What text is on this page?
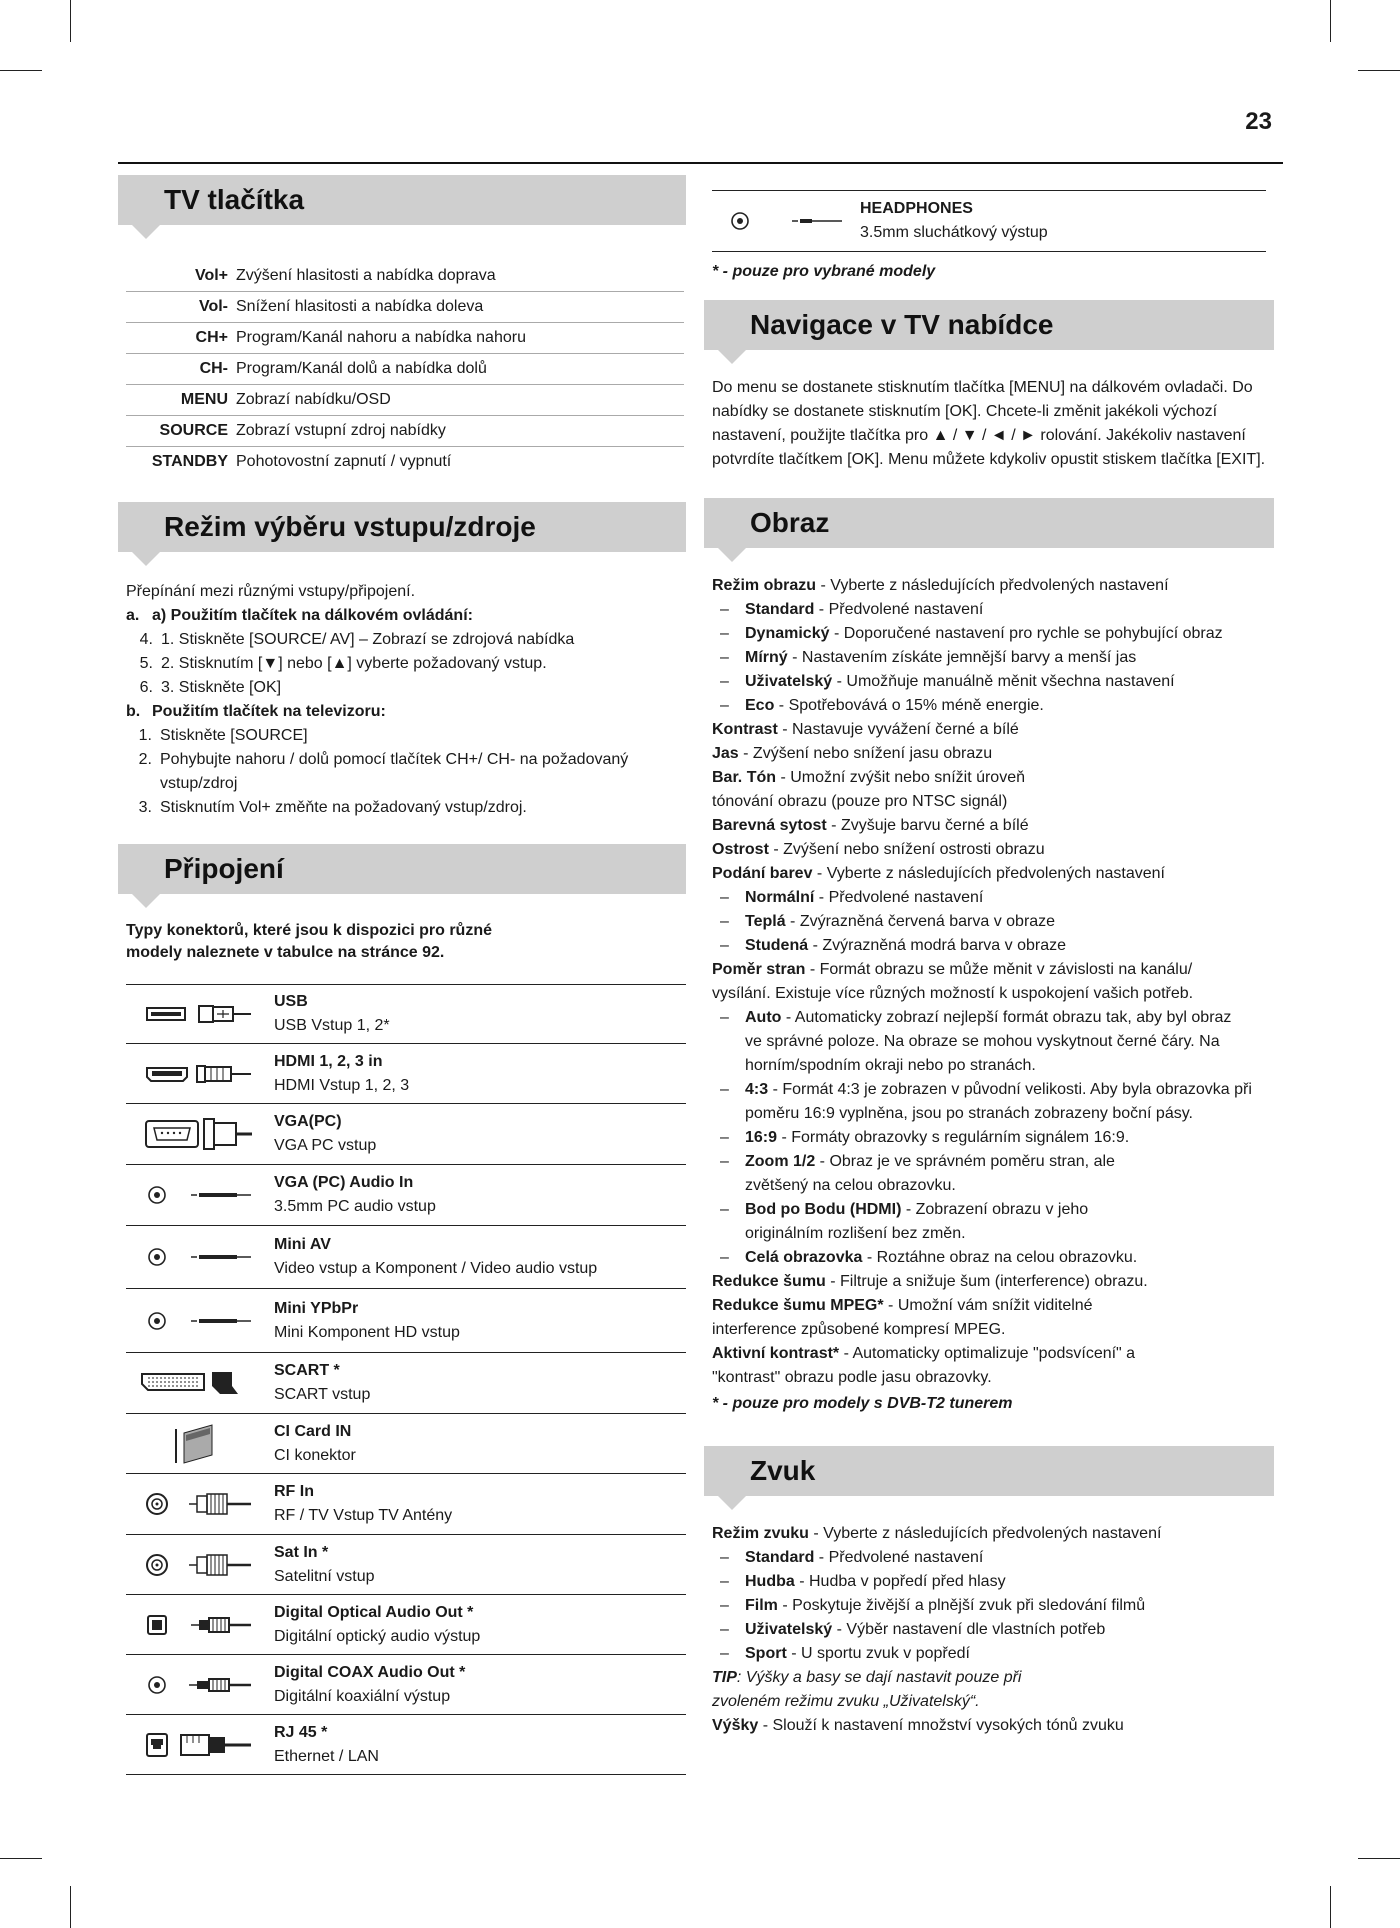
23
TV tlačítka
Vol+ Zvýšení hlasitosti a nabídka doprava
Vol- Snížení hlasitosti a nabídka doleva
CH+ Program/Kanál nahoru a nabídka nahoru
CH- Program/Kanál dolů a nabídka dolů
MENU Zobrazí nabídku/OSD
SOURCE Zobrazí vstupní zdroj nabídky
STANDBY Pohotovostní zapnutí / vypnutí
Režim výběru vstupu/zdroje
Přepínání mezi různými vstupy/připojení.
a. a) Použitím tlačítek na dálkovém ovládání:
4. 1. Stiskněte [SOURCE/ AV] – Zobrazí se zdrojová nabídka
5. 2. Stisknutím [▼] nebo [▲] vyberte požadovaný vstup.
6. 3. Stiskněte [OK]
b. Použitím tlačítek na televizoru:
1. Stiskněte [SOURCE]
2. Pohybujte nahoru / dolů pomocí tlačítek CH+/ CH- na požadovaný vstup/zdroj
3. Stisknutím Vol+ změňte na požadovaný vstup/zdroj.
Připojení
Typy konektorů, které jsou k dispozici pro různé modely naleznete v tabulce na stránce 92.
USB
USB Vstup 1, 2*
HDMI 1, 2, 3 in
HDMI Vstup 1, 2, 3
VGA(PC)
VGA PC vstup
VGA (PC) Audio In
3.5mm PC audio vstup
Mini AV
Video vstup a Komponent / Video audio vstup
Mini YPbPr
Mini Komponent HD vstup
SCART *
SCART vstup
CI Card IN
CI konektor
RF In
RF / TV Vstup TV Antény
Sat In *
Satelitní vstup
Digital Optical Audio Out *
Digitální optický audio výstup
Digital COAX Audio Out *
Digitální koaxiální výstup
RJ 45 *
Ethernet / LAN
HEADPHONES
3.5mm sluchátkový výstup
* - pouze pro vybrané modely
Navigace v TV nabídce
Do menu se dostanete stisknutím tlačítka [MENU] na dálkovém ovladači. Do nabídky se dostanete stisknutím [OK]. Chcete-li změnit jakékoli výchozí nastavení, použijte tlačítka pro ▲ / ▼ / ◄ / ► rolování. Jakékoliv nastavení potvrdíte tlačítkem [OK]. Menu můžete kdykoliv opustit stiskem tlačítka [EXIT].
Obraz
Režim obrazu - Vyberte z následujících předvolených nastavení
–	Standard - Předvolené nastavení
–	Dynamický - Doporučené nastavení pro rychle se pohybující obraz
–	Mírný - Nastavením získáte jemnější barvy a menší jas
–	Uživatelský - Umožňuje manuálně měnit všechna nastavení
–	Eco - Spotřebovává o 15% méně energie.
Kontrast - Nastavuje vyvážení černé a bílé
Jas - Zvýšení nebo snížení jasu obrazu
Bar. Tón - Umožní zvýšit nebo snížit úroveň tónování obrazu (pouze pro NTSC signál)
Barevná sytost - Zvyšuje barvu černé a bílé
Ostrost - Zvýšení nebo snížení ostrosti obrazu
Podání barev - Vyberte z následujících předvolených nastavení
–	Normální - Předvolené nastavení
–	Teplá - Zvýrazněná červená barva v obraze
–	Studená - Zvýrazněná modrá barva v obraze
Poměr stran - Formát obrazu se může měnit v závislosti na kanálu/ vysílání. Existuje více různých možností k uspokojení vašich potřeb.
–	Auto - Automaticky zobrazí nejlepší formát obrazu tak, aby byl obraz ve správné poloze. Na obraze se mohou vyskytnout černé čáry. Na horním/spodním okraji nebo po stranách.
–	4:3 - Formát 4:3 je zobrazen v původní velikosti. Aby byla obrazovka při poměru 16:9 vyplněna, jsou po stranách zobrazeny boční pásy.
–	16:9 - Formáty obrazovky s regulárním signálem 16:9.
–	Zoom 1/2 - Obraz je ve správném poměru stran, ale zvětšený na celou obrazovku.
–	Bod po Bodu (HDMI) - Zobrazení obrazu v jeho originálním rozlišení bez změn.
–	Celá obrazovka - Roztáhne obraz na celou obrazovku.
Redukce šumu - Filtruje a snižuje šum (interference) obrazu.
Redukce šumu MPEG* - Umožní vám snížit viditelné interference způsobené kompresí MPEG.
Aktivní kontrast* - Automaticky optimalizuje "podsvícení" a "kontrast" obrazu podle jasu obrazovky.
* - pouze pro modely s DVB-T2 tunerem
Zvuk
Režim zvuku - Vyberte z následujících předvolených nastavení
–	Standard - Předvolené nastavení
–	Hudba - Hudba v popředí před hlasy
–	Film - Poskytuje živější a plnější zvuk při sledování filmů
–	Uživatelský - Výběr nastavení dle vlastních potřeb
–	Sport - U sportu zvuk v popředí
TIP: Výšky a basy se dají nastavit pouze při zvoleném režimu zvuku „Uživatelský“.
Výšky - Slouží k nastavení množství vysokých tónů zvuku
